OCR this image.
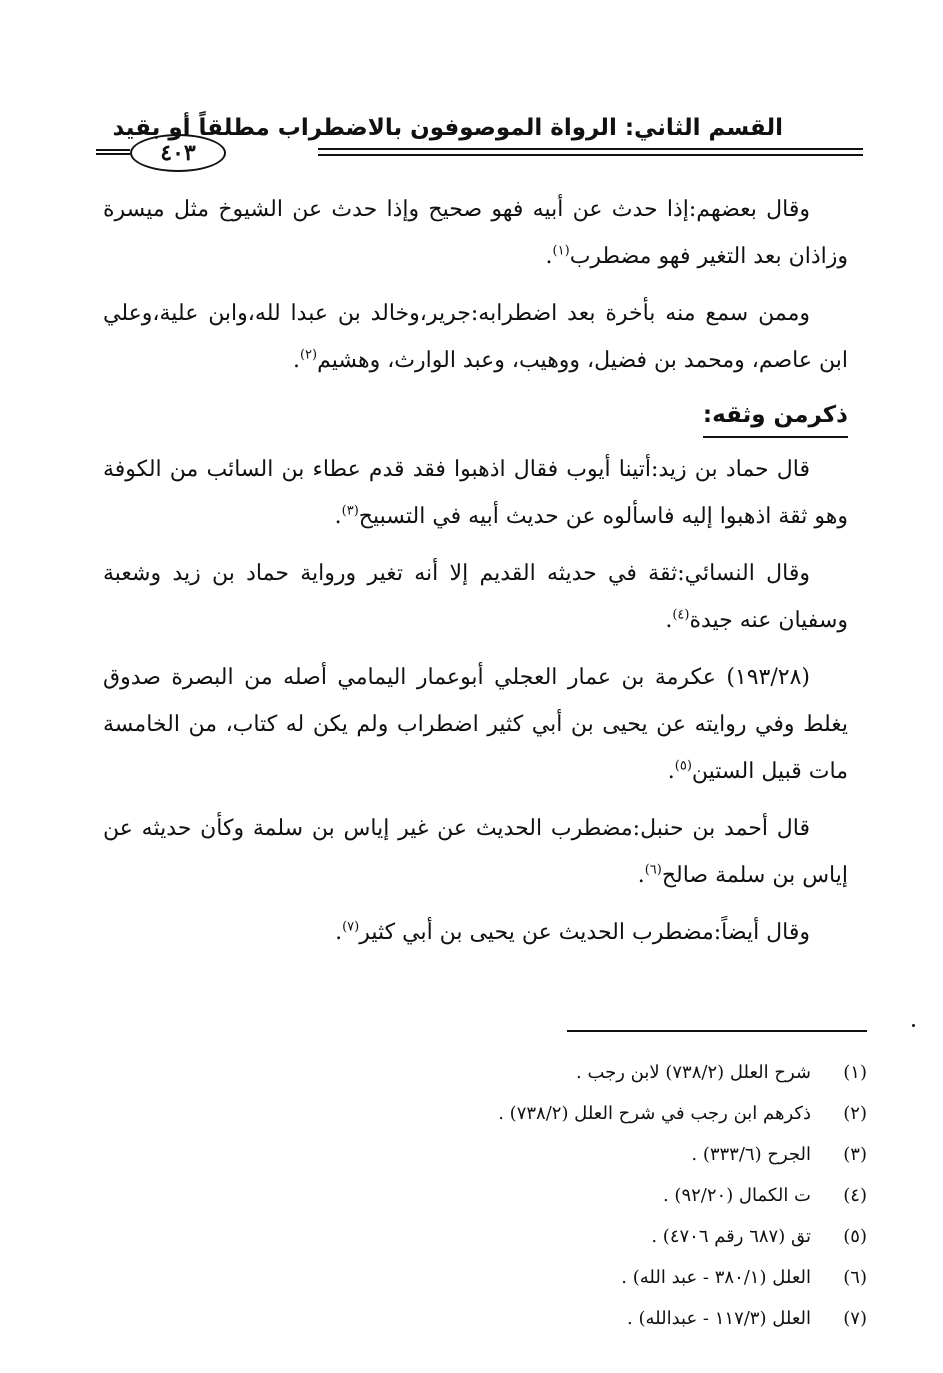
القسم الثاني: الرواة الموصوفون بالاضطراب مطلقاً أو بقيد
٤٠٣

وقال بعضهم:إذا حدث عن أبيه فهو صحيح وإذا حدث عن الشيوخ مثل ميسرة وزاذان بعد التغير فهو مضطرب$^{(١)}$.

وممن سمع منه بأخرة بعد اضطرابه:جرير،وخالد بن عبدا لله،وابن علية،وعلي ابن عاصم، ومحمد بن فضيل، ووهيب، وعبد الوارث، وهشيم$^{(٢)}$.

ذكرمن وثقه:

قال حماد بن زيد:أتينا أيوب فقال اذهبوا فقد قدم عطاء بن السائب من الكوفة وهو ثقة اذهبوا إليه فاسألوه عن حديث أبيه في التسبيح$^{(٣)}$.

وقال النسائي:ثقة في حديثه القديم إلا أنه تغير ورواية حماد بن زيد وشعبة وسفيان عنه جيدة$^{(٤)}$.

(١٩٣/٢٨) عكرمة بن عمار العجلي أبوعمار اليمامي أصله من البصرة صدوق يغلط وفي روايته عن يحيى بن أبي كثير اضطراب ولم يكن له كتاب، من الخامسة مات قبيل الستين$^{(٥)}$.

قال أحمد بن حنبل:مضطرب الحديث عن غير إياس بن سلمة وكأن حديثه عن إياس بن سلمة صالح$^{(٦)}$.

وقال أيضاً:مضطرب الحديث عن يحيى بن أبي كثير$^{(٧)}$.

(١)
شرح العلل (٧٣٨/٢) لابن رجب .
(٢)
ذكرهم ابن رجب في شرح العلل (٧٣٨/٢) .
(٣)
الجرح (٣٣٣/٦) .
(٤)
ت الكمال (٩٢/٢٠) .
(٥)
تق (٦٨٧ رقم ٤٧٠٦) .
(٦)
العلل (٣٨٠/١ - عبد الله) .
(٧)
العلل (١١٧/٣ - عبدالله) .
